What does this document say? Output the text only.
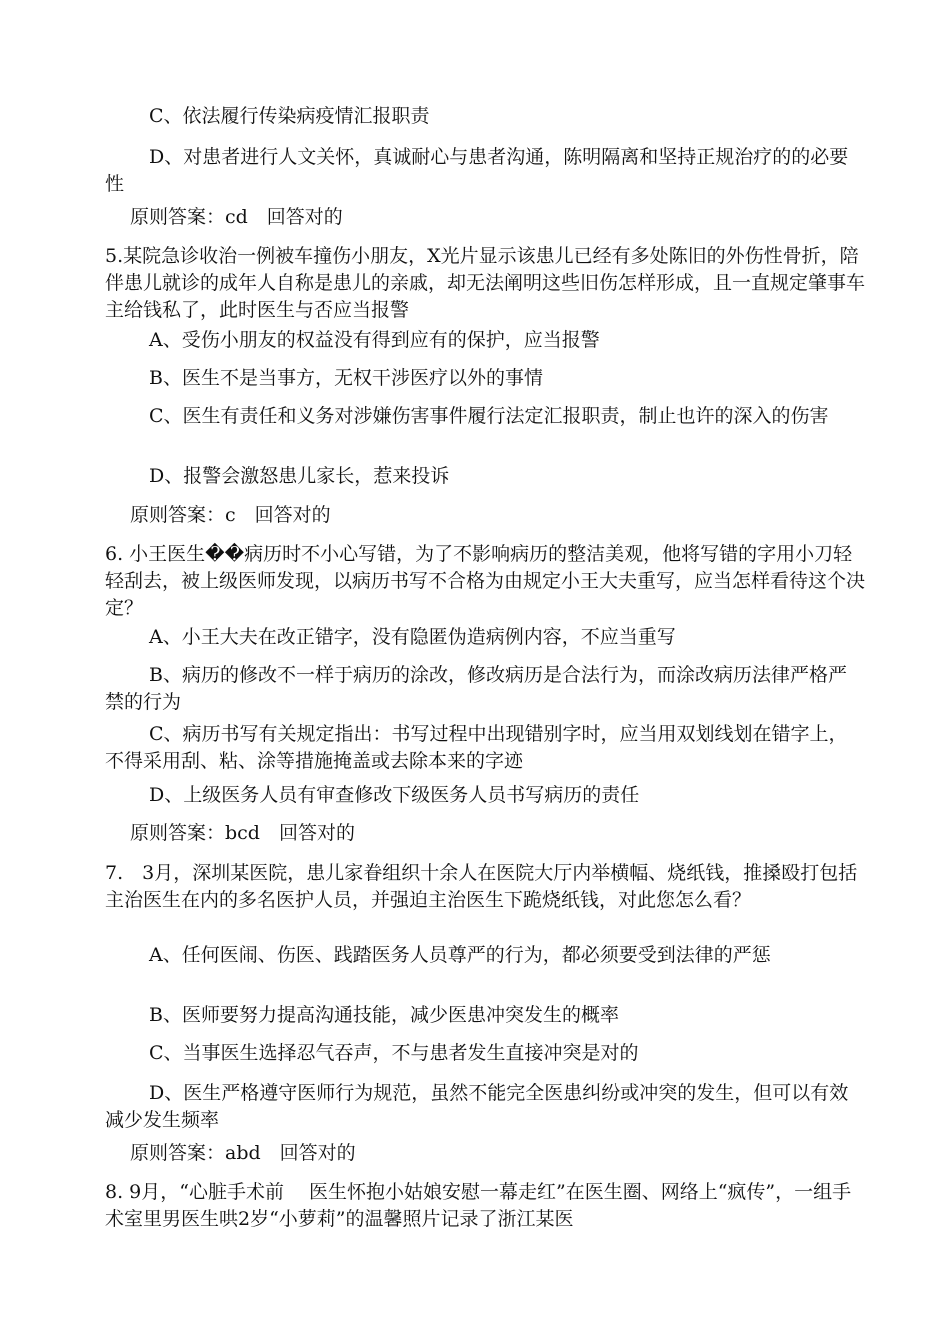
C、依法履行传染病疫情汇报职责

D、对患者进行人文关怀，真诚耐心与患者沟通，陈明隔离和坚持正规治疗的的必要性

原则答案：cd　回答对的

5.某院急诊收治一例被车撞伤小朋友，X光片显示该患儿已经有多处陈旧的外伤性骨折，陪伴患儿就诊的成年人自称是患儿的亲戚，却无法阐明这些旧伤怎样形成，且一直规定肇事车主给钱私了，此时医生与否应当报警

A、受伤小朋友的权益没有得到应有的保护，应当报警

B、医生不是当事方，无权干涉医疗以外的事情

C、医生有责任和义务对涉嫌伤害事件履行法定汇报职责，制止也许的深入的伤害

D、报警会激怒患儿家长，惹来投诉

原则答案：c　回答对的

6. 小王医生��病历时不小心写错，为了不影响病历的整洁美观，他将写错的字用小刀轻轻刮去，被上级医师发现，以病历书写不合格为由规定小王大夫重写，应当怎样看待这个决定？

A、小王大夫在改正错字，没有隐匿伪造病例内容，不应当重写

B、病历的修改不一样于病历的涂改，修改病历是合法行为，而涂改病历法律严格严禁的行为

C、病历书写有关规定指出：书写过程中出现错别字时，应当用双划线划在错字上，不得采用刮、粘、涂等措施掩盖或去除本来的字迹

D、上级医务人员有审查修改下级医务人员书写病历的责任

原则答案：bcd　回答对的

7.　3月，深圳某医院，患儿家眷组织十余人在医院大厅内举横幅、烧纸钱，推搡殴打包括主治医生在内的多名医护人员，并强迫主治医生下跪烧纸钱，对此您怎么看？

A、任何医闹、伤医、践踏医务人员尊严的行为，都必须要受到法律的严惩

B、医师要努力提高沟通技能，减少医患冲突发生的概率

C、当事医生选择忍气吞声，不与患者发生直接冲突是对的

D、医生严格遵守医师行为规范，虽然不能完全医患纠纷或冲突的发生，但可以有效减少发生频率

原则答案：abd　回答对的

8. 9月，“心脏手术前　 医生怀抱小姑娘安慰一幕走红”在医生圈、网络上“疯传”，一组手术室里男医生哄2岁“小萝莉”的温馨照片记录了浙江某医
